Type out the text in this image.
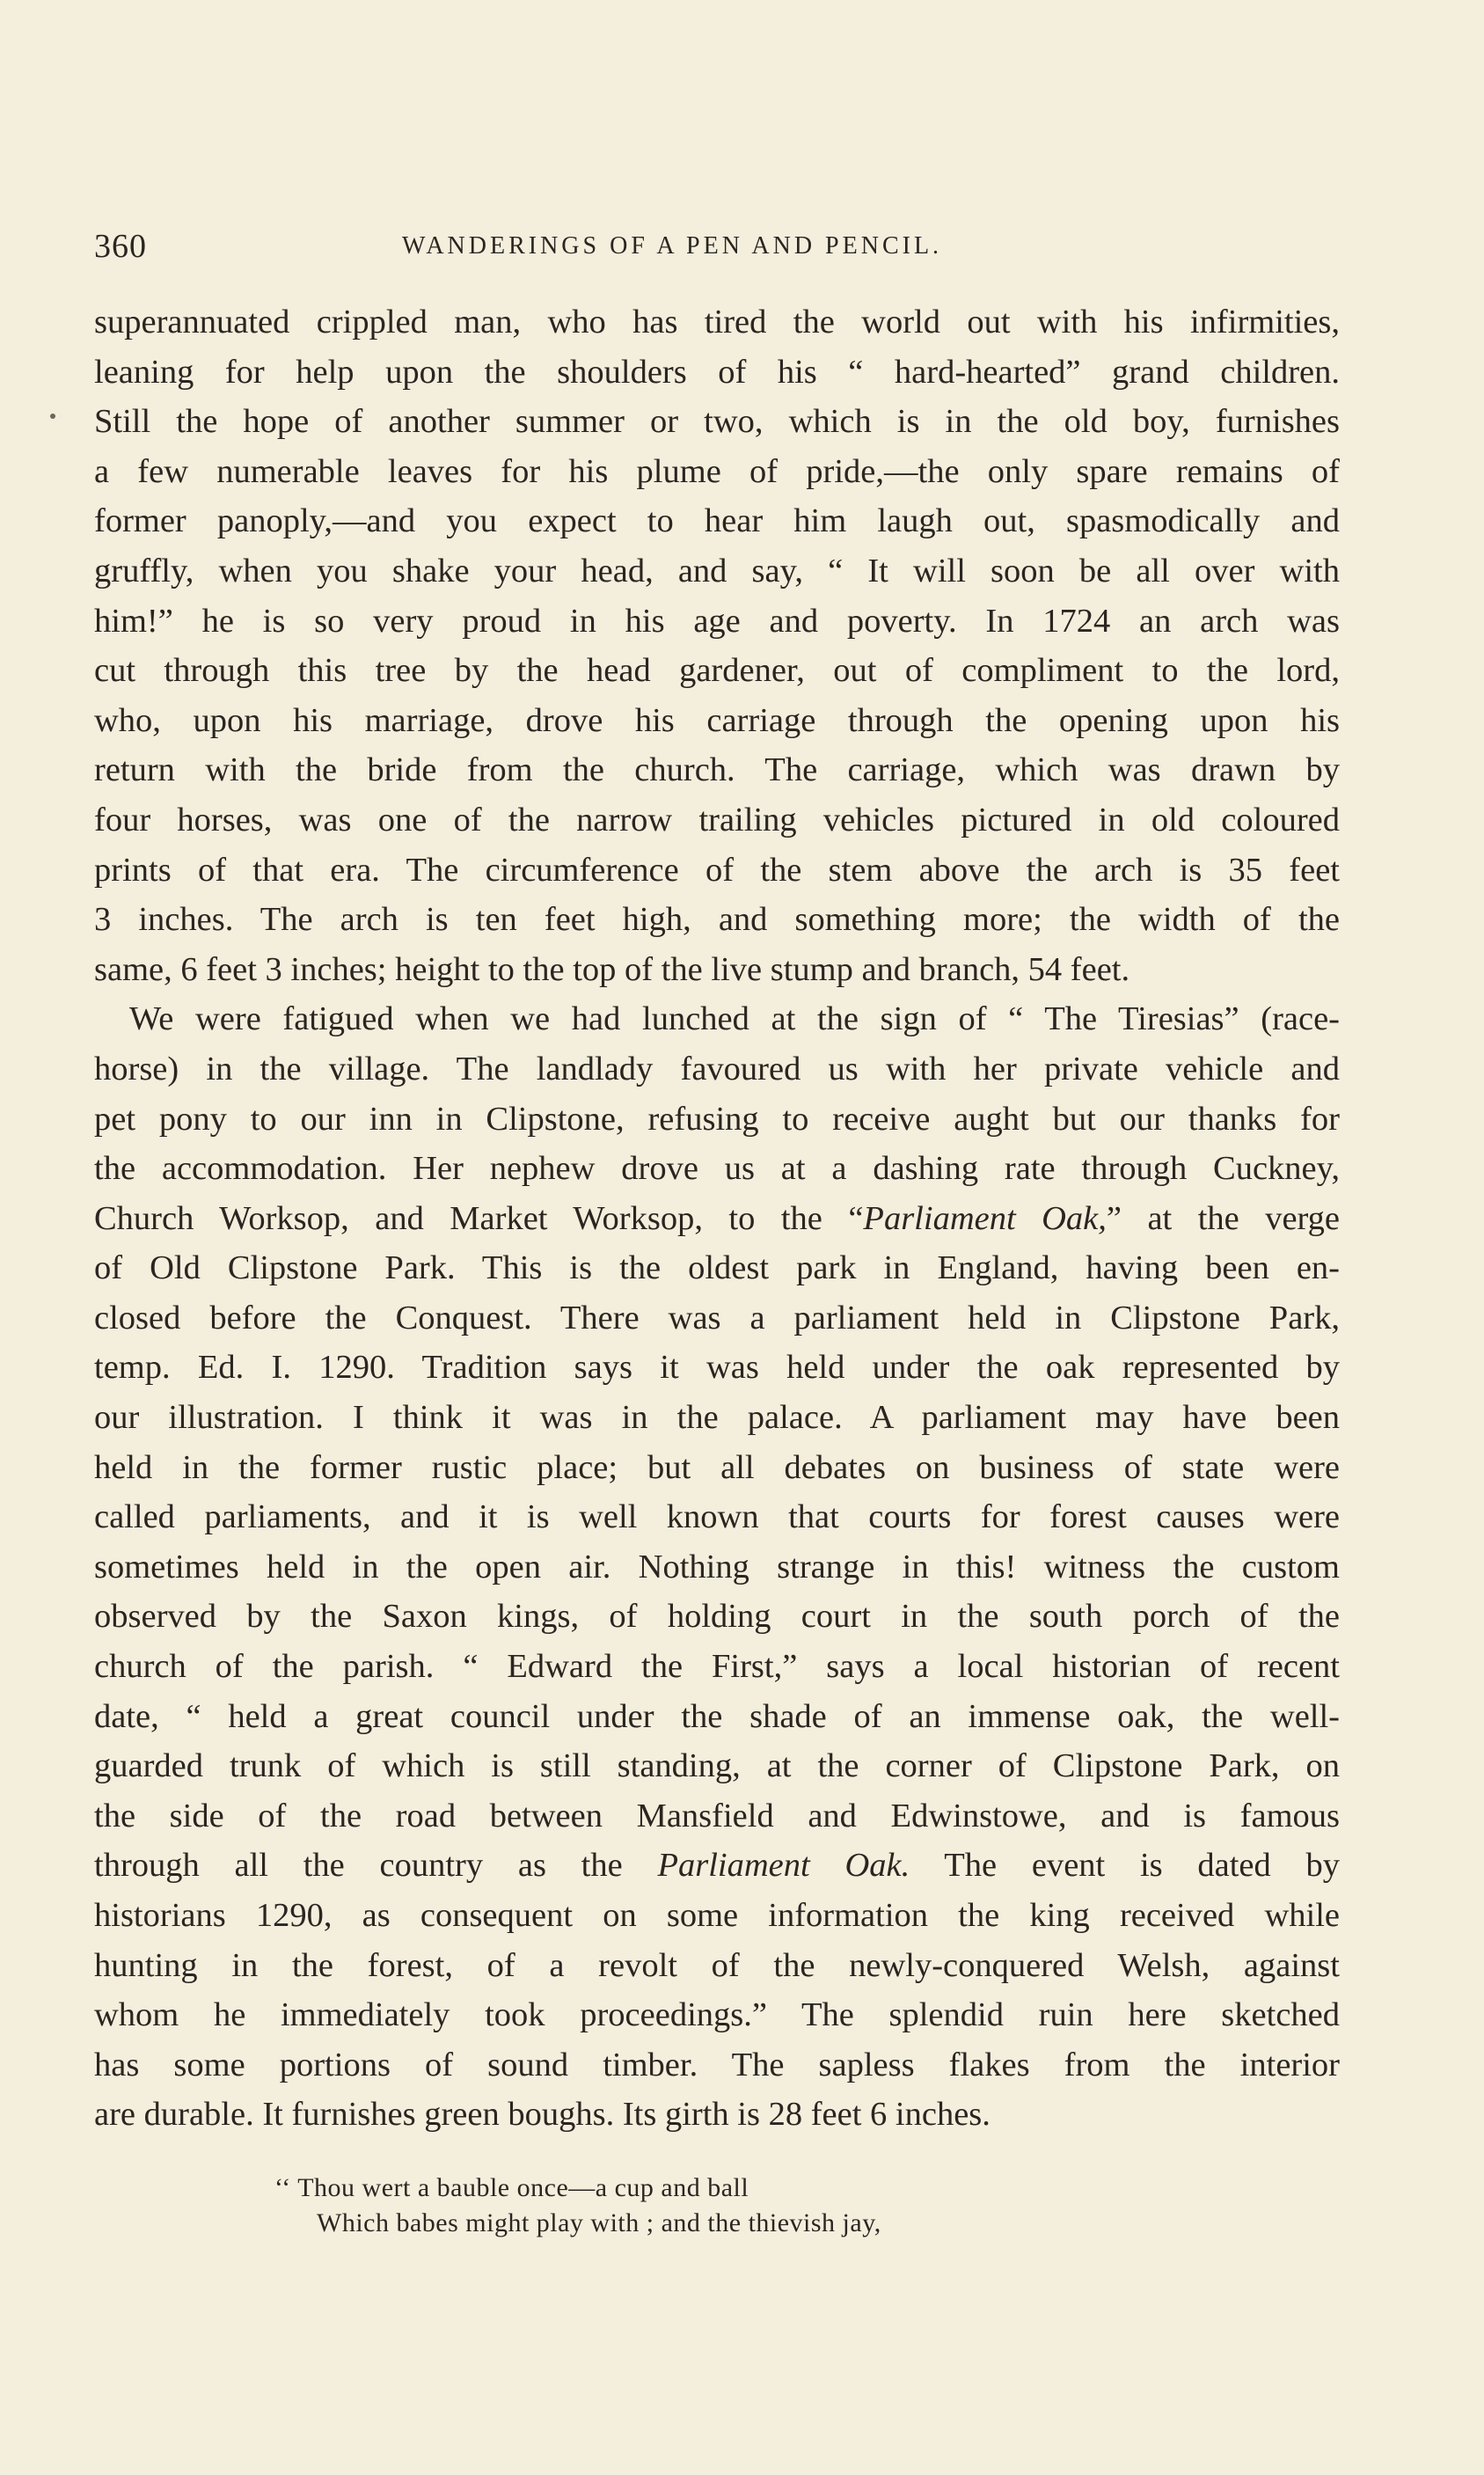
360	WANDERINGS OF A PEN AND PENCIL.
superannuated crippled man, who has tired the world out with his infirmities,
leaning for help upon the shoulders of his “ hard-hearted” grand children.
Still the hope of another summer or two, which is in the old boy, furnishes
a few numerable leaves for his plume of pride,—the only spare remains of
former panoply,—and you expect to hear him laugh out, spasmodically and
gruffly, when you shake your head, and say, “ It will soon be all over with
him!” he is so very proud in his age and poverty. In 1724 an arch was
cut through this tree by the head gardener, out of compliment to the lord,
who, upon his marriage, drove his carriage through the opening upon his
return with the bride from the church. The carriage, which was drawn by
four horses, was one of the narrow trailing vehicles pictured in old coloured
prints of that era. The circumference of the stem above the arch is 35 feet
3 inches. The arch is ten feet high, and something more; the width of the
same, 6 feet 3 inches; height to the top of the live stump and branch, 54 feet.
We were fatigued when we had lunched at the sign of “ The Tiresias” (race-
horse) in the village. The landlady favoured us with her private vehicle and
pet pony to our inn in Clipstone, refusing to receive aught but our thanks for
the accommodation. Her nephew drove us at a dashing rate through Cuckney,
Church Worksop, and Market Worksop, to the “Parliament Oak,” at the verge
of Old Clipstone Park. This is the oldest park in England, having been en-
closed before the Conquest. There was a parliament held in Clipstone Park,
temp. Ed. I. 1290. Tradition says it was held under the oak represented by
our illustration. I think it was in the palace. A parliament may have been
held in the former rustic place; but all debates on business of state were
called parliaments, and it is well known that courts for forest causes were
sometimes held in the open air. Nothing strange in this! witness the custom
observed by the Saxon kings, of holding court in the south porch of the
church of the parish. “ Edward the First,” says a local historian of recent
date, “ held a great council under the shade of an immense oak, the well-
guarded trunk of which is still standing, at the corner of Clipstone Park, on
the side of the road between Mansfield and Edwinstowe, and is famous
through all the country as the Parliament Oak. The event is dated by
historians 1290, as consequent on some information the king received while
hunting in the forest, of a revolt of the newly-conquered Welsh, against
whom he immediately took proceedings.” The splendid ruin here sketched
has some portions of sound timber. The sapless flakes from the interior
are durable. It furnishes green boughs. Its girth is 28 feet 6 inches.
‘‘ Thou wert a bauble once—a cup and ball
Which babes might play with ; and the thievish jay,
